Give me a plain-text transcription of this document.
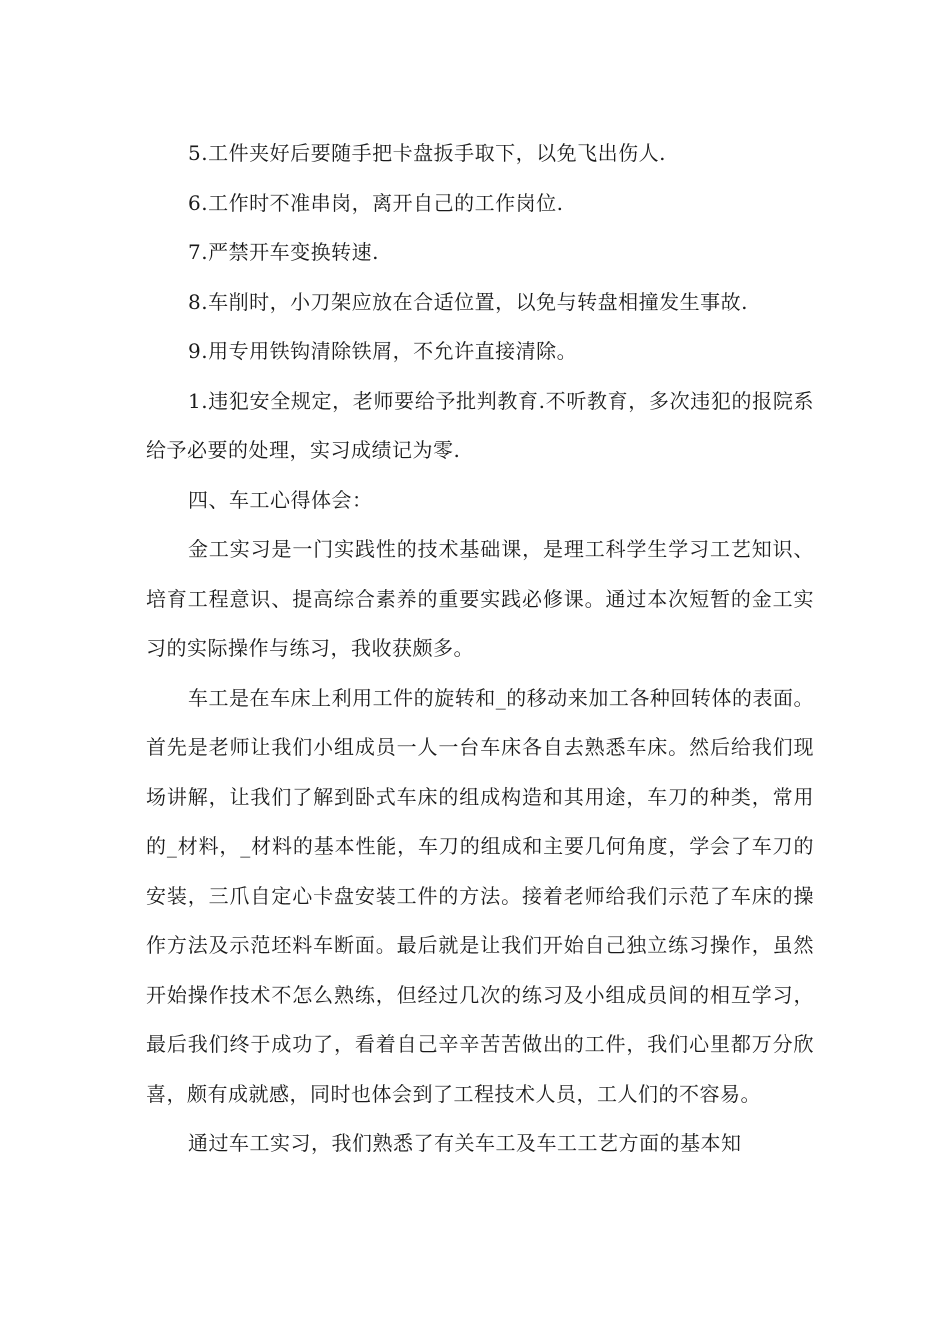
5.工件夹好后要随手把卡盘扳手取下，以免飞出伤人.

6.工作时不准串岗，离开自己的工作岗位.

7.严禁开车变换转速.

8.车削时，小刀架应放在合适位置，以免与转盘相撞发生事故.

9.用专用铁钩清除铁屑，不允许直接清除。

1.违犯安全规定，老师要给予批判教育.不听教育，多次违犯的报院系给予必要的处理，实习成绩记为零.

四、车工心得体会：

金工实习是一门实践性的技术基础课，是理工科学生学习工艺知识、培育工程意识、提高综合素养的重要实践必修课。通过本次短暂的金工实习的实际操作与练习，我收获颇多。

车工是在车床上利用工件的旋转和_的移动来加工各种回转体的表面。首先是老师让我们小组成员一人一台车床各自去熟悉车床。然后给我们现场讲解，让我们了解到卧式车床的组成构造和其用途，车刀的种类，常用的_材料，_材料的基本性能，车刀的组成和主要几何角度，学会了车刀的安装，三爪自定心卡盘安装工件的方法。接着老师给我们示范了车床的操作方法及示范坯料车断面。最后就是让我们开始自己独立练习操作，虽然开始操作技术不怎么熟练，但经过几次的练习及小组成员间的相互学习，最后我们终于成功了，看着自己辛辛苦苦做出的工件，我们心里都万分欣喜，颇有成就感，同时也体会到了工程技术人员，工人们的不容易。

通过车工实习，我们熟悉了有关车工及车工工艺方面的基本知
